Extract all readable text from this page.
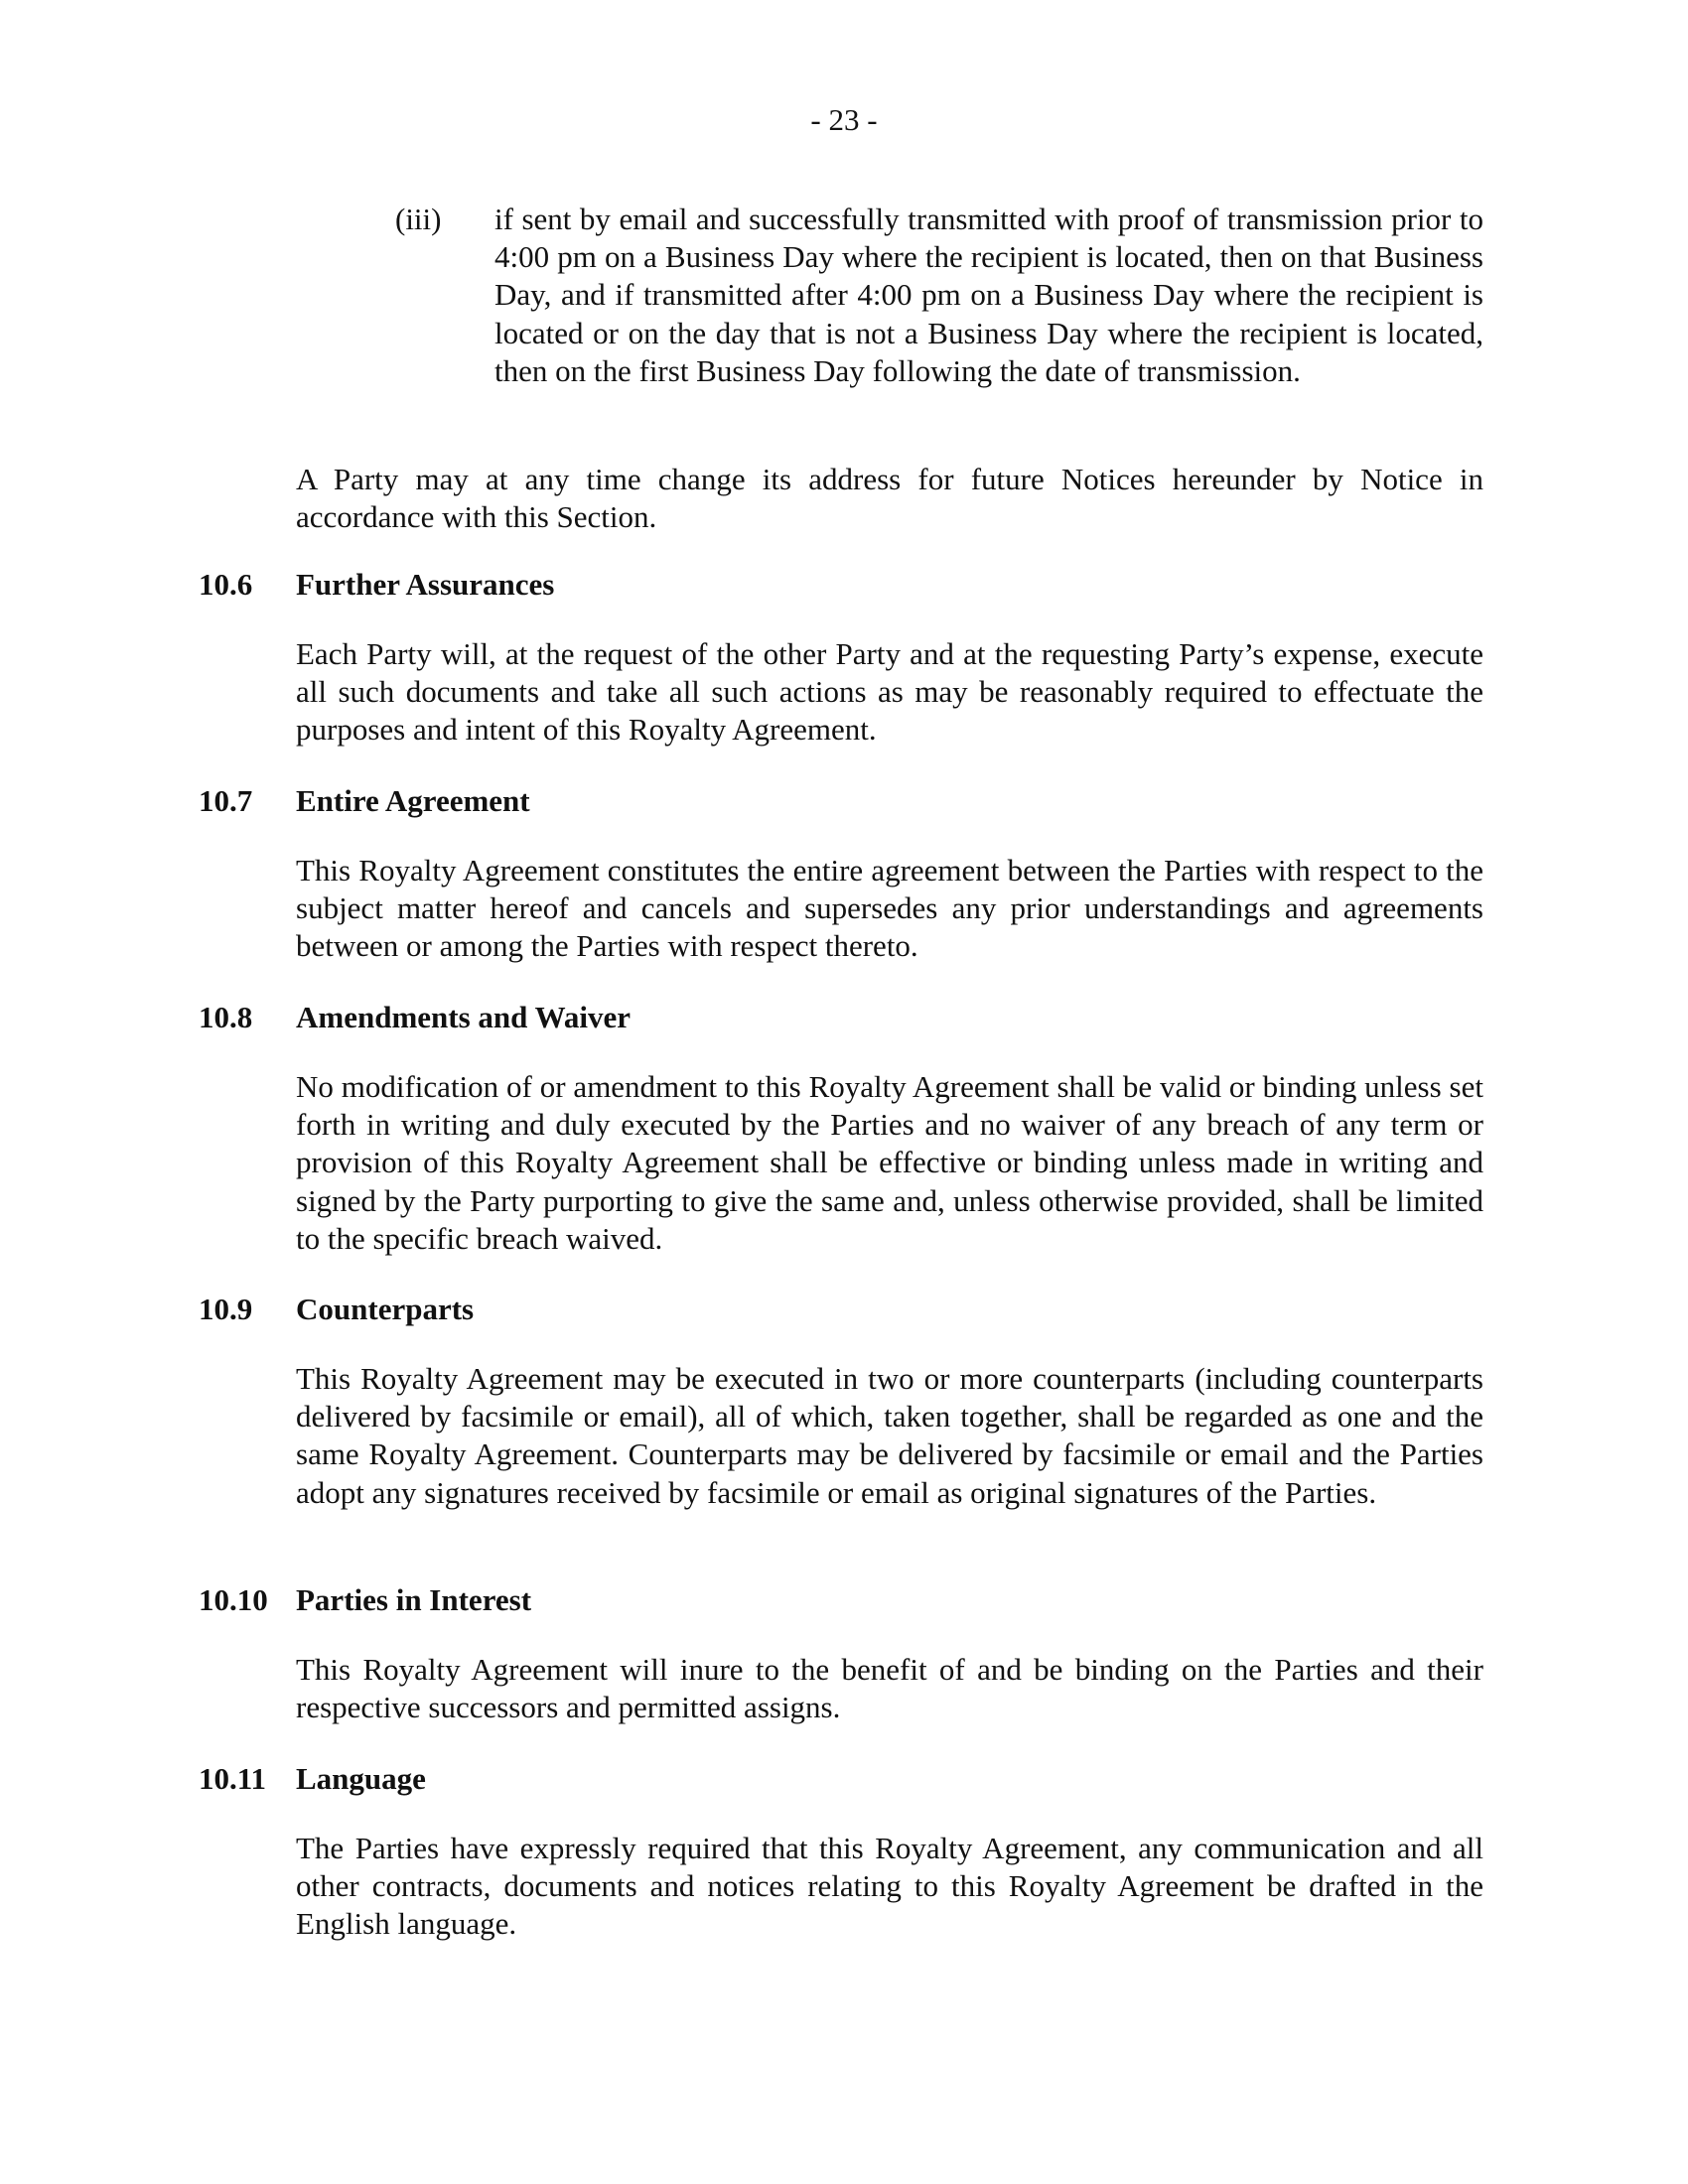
- 23 -
(iii) if sent by email and successfully transmitted with proof of transmission prior to 4:00 pm on a Business Day where the recipient is located, then on that Business Day, and if transmitted after 4:00 pm on a Business Day where the recipient is located or on the day that is not a Business Day where the recipient is located, then on the first Business Day following the date of transmission.
A Party may at any time change its address for future Notices hereunder by Notice in accordance with this Section.
10.6 Further Assurances
Each Party will, at the request of the other Party and at the requesting Party’s expense, execute all such documents and take all such actions as may be reasonably required to effectuate the purposes and intent of this Royalty Agreement.
10.7 Entire Agreement
This Royalty Agreement constitutes the entire agreement between the Parties with respect to the subject matter hereof and cancels and supersedes any prior understandings and agreements between or among the Parties with respect thereto.
10.8 Amendments and Waiver
No modification of or amendment to this Royalty Agreement shall be valid or binding unless set forth in writing and duly executed by the Parties and no waiver of any breach of any term or provision of this Royalty Agreement shall be effective or binding unless made in writing and signed by the Party purporting to give the same and, unless otherwise provided, shall be limited to the specific breach waived.
10.9 Counterparts
This Royalty Agreement may be executed in two or more counterparts (including counterparts delivered by facsimile or email), all of which, taken together, shall be regarded as one and the same Royalty Agreement. Counterparts may be delivered by facsimile or email and the Parties adopt any signatures received by facsimile or email as original signatures of the Parties.
10.10 Parties in Interest
This Royalty Agreement will inure to the benefit of and be binding on the Parties and their respective successors and permitted assigns.
10.11 Language
The Parties have expressly required that this Royalty Agreement, any communication and all other contracts, documents and notices relating to this Royalty Agreement be drafted in the English language.
